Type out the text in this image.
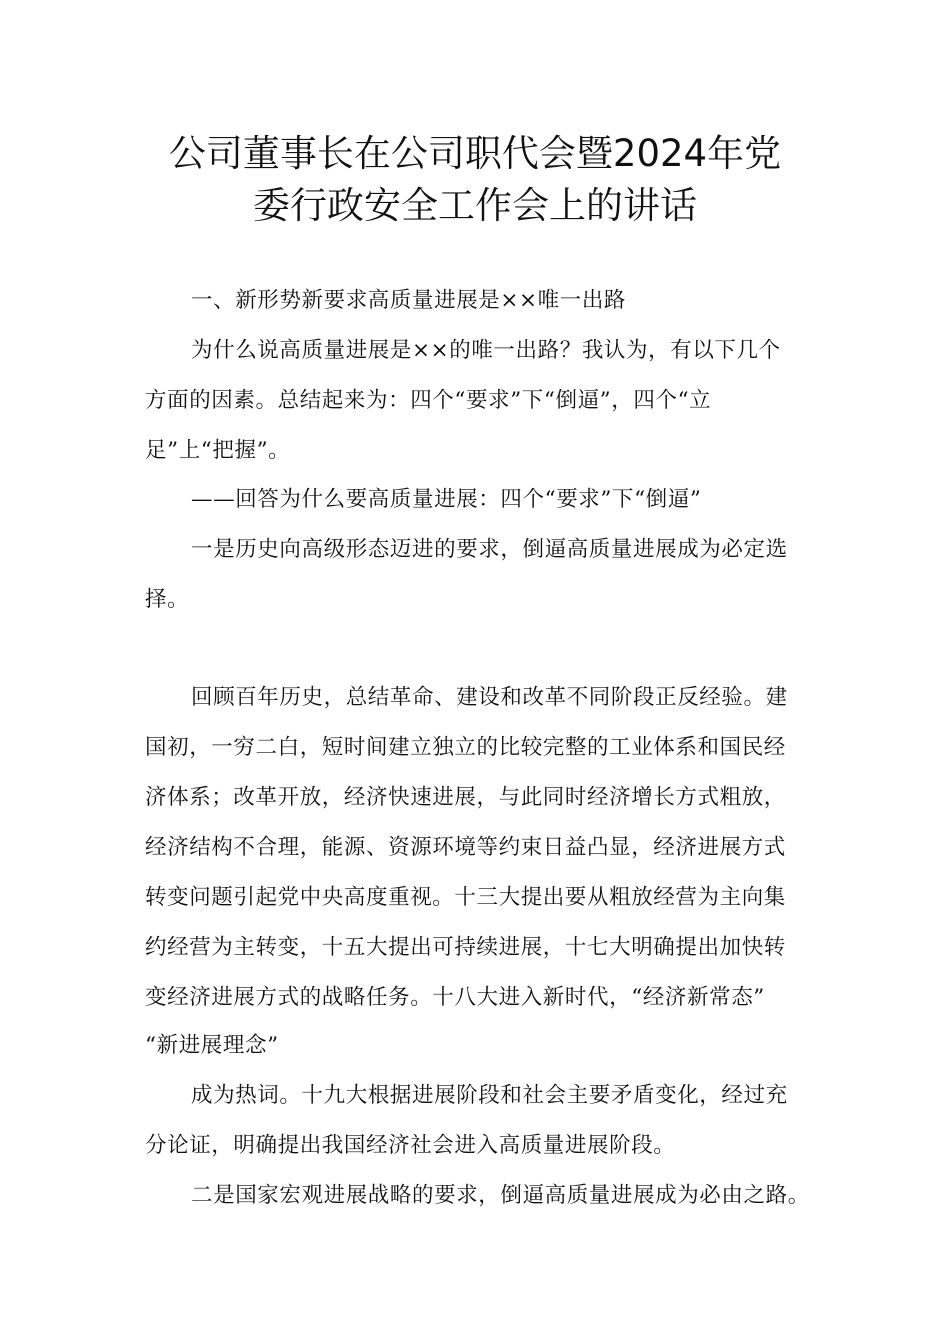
公司董事长在公司职代会暨2024年党
委行政安全工作会上的讲话
一、新形势新要求高质量进展是××唯一出路
为什么说高质量进展是××的唯一出路？我认为，有以下几个
方面的因素。总结起来为：四个“要求”下“倒逼”，四个“立
足”上“把握”。
——回答为什么要高质量进展：四个“要求”下“倒逼”
一是历史向高级形态迈进的要求，倒逼高质量进展成为必定选
择。
回顾百年历史，总结革命、建设和改革不同阶段正反经验。建
国初，一穷二白，短时间建立独立的比较完整的工业体系和国民经
济体系；改革开放，经济快速进展，与此同时经济增长方式粗放，
经济结构不合理，能源、资源环境等约束日益凸显，经济进展方式
转变问题引起党中央高度重视。十三大提出要从粗放经营为主向集
约经营为主转变，十五大提出可持续进展，十七大明确提出加快转
变经济进展方式的战略任务。十八大进入新时代，“经济新常态”
“新进展理念”
成为热词。十九大根据进展阶段和社会主要矛盾变化，经过充
分论证，明确提出我国经济社会进入高质量进展阶段。
二是国家宏观进展战略的要求，倒逼高质量进展成为必由之路。
